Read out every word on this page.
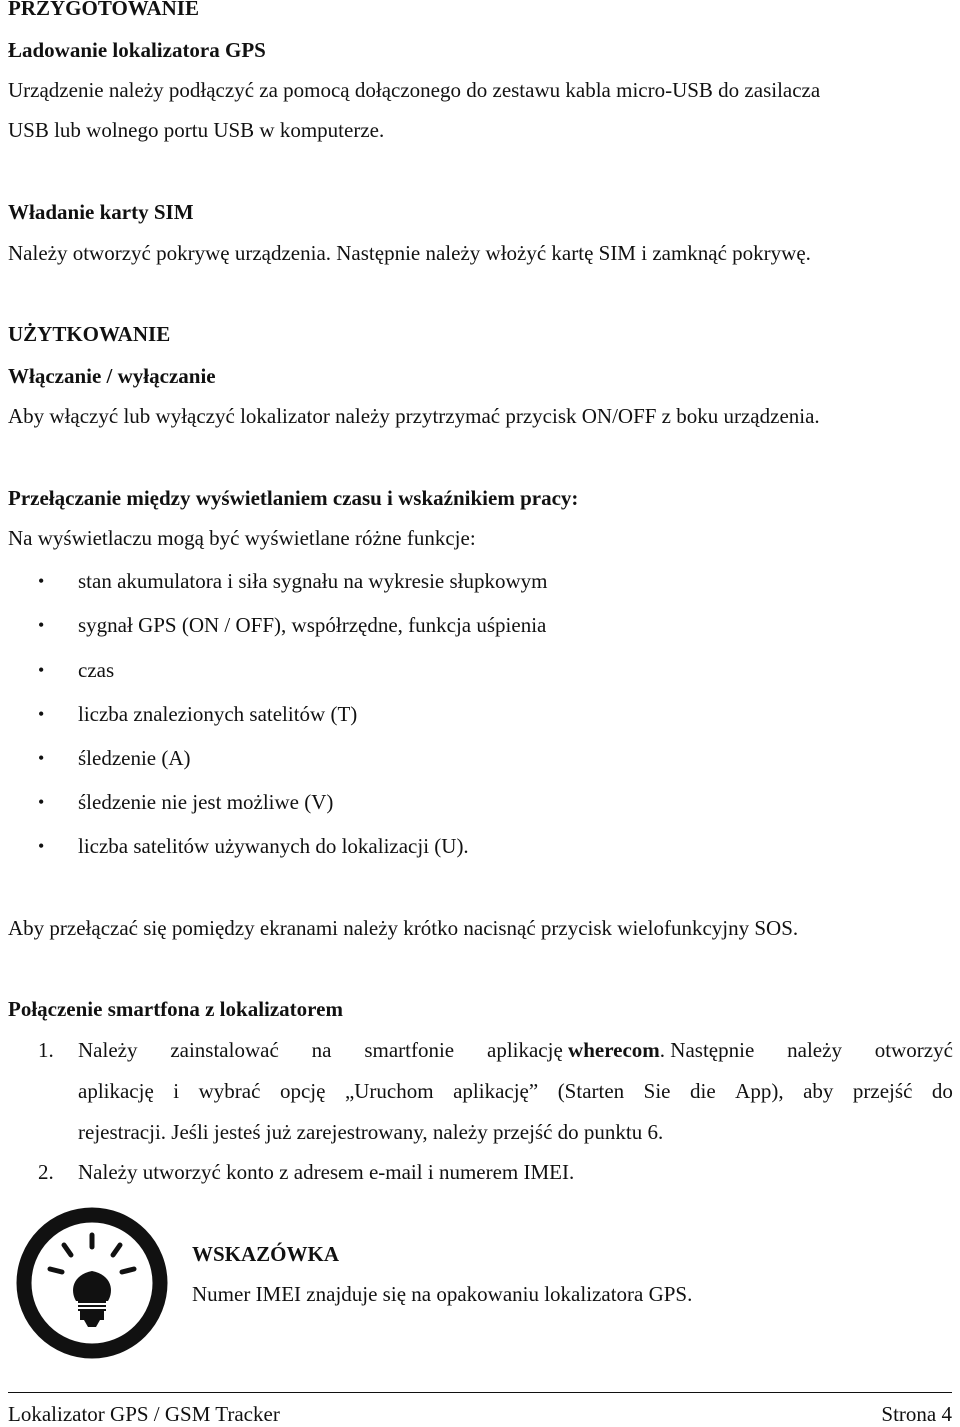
PRZYGOTOWANIE
Ładowanie lokalizatora GPS

Urządzenie należy podłączyć za pomocą dołączonego do zestawu kabla micro-USB do zasilacza

USB lub wolnego portu USB w komputerze.

Władanie karty SIM

Należy otworzyć pokrywę urządzenia. Następnie należy włożyć kartę SIM i zamknąć pokrywę.

UŻYTKOWANIE
Włączanie / wyłączanie

Aby włączyć lub wyłączyć lokalizator należy przytrzymać przycisk ON/OFF z boku urządzenia.

Przełączanie między wyświetlaniem czasu i wskaźnikiem pracy:

Na wyświetlaczu mogą być wyświetlane różne funkcje:

• stan akumulatora i siła sygnału na wykresie słupkowym
• sygnał GPS (ON / OFF), współrzędne, funkcja uśpienia
• czas
• liczba znalezionych satelitów (T)
• śledzenie (A)
• śledzenie nie jest możliwe (V)
• liczba satelitów używanych do lokalizacji (U).

Aby przełączać się pomiędzy ekranami należy krótko nacisnąć przycisk wielofunkcyjny SOS.

Połączenie smartfona z lokalizatorem
1. Należy zainstalować na smartfonie aplikację wherecom. Następnie należy otworzyć
aplikację i wybrać opcję „Uruchom aplikację” (Starten Sie die App), aby przejść do
rejestracji. Jeśli jesteś już zarejestrowany, należy przejść do punktu 6.
2. Należy utworzyć konto z adresem e-mail i numerem IMEI.
WSKAZÓWKA

Numer IMEI znajduje się na opakowaniu lokalizatora GPS.

Lokalizator GPS / GSM Tracker	Strona 4
